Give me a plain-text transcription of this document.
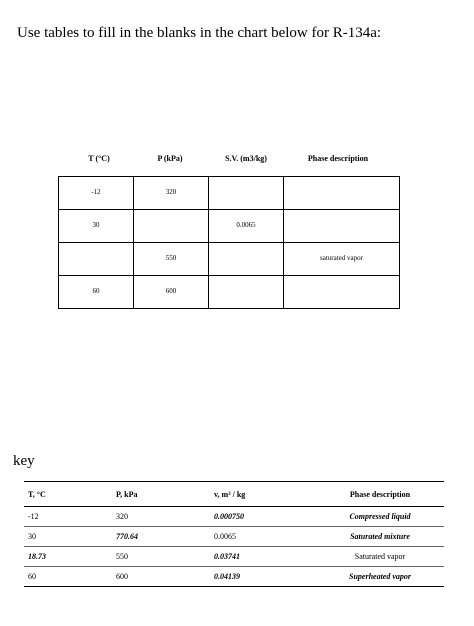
Use tables to fill in the blanks in the chart below for R-134a:
T (°C)	P (kPa)	S.V. (m3/kg)	Phase description
-12	320		
30		0.0065	
	550		saturated vapor
60	600		
key
T, °C	P, kPa	v, m³ / kg	Phase description
-12	320	0.000750	Compressed liquid
30	770.64	0.0065	Saturated mixture
18.73	550	0.03741	Saturated vapor
60	600	0.04139	Superheated vapor
